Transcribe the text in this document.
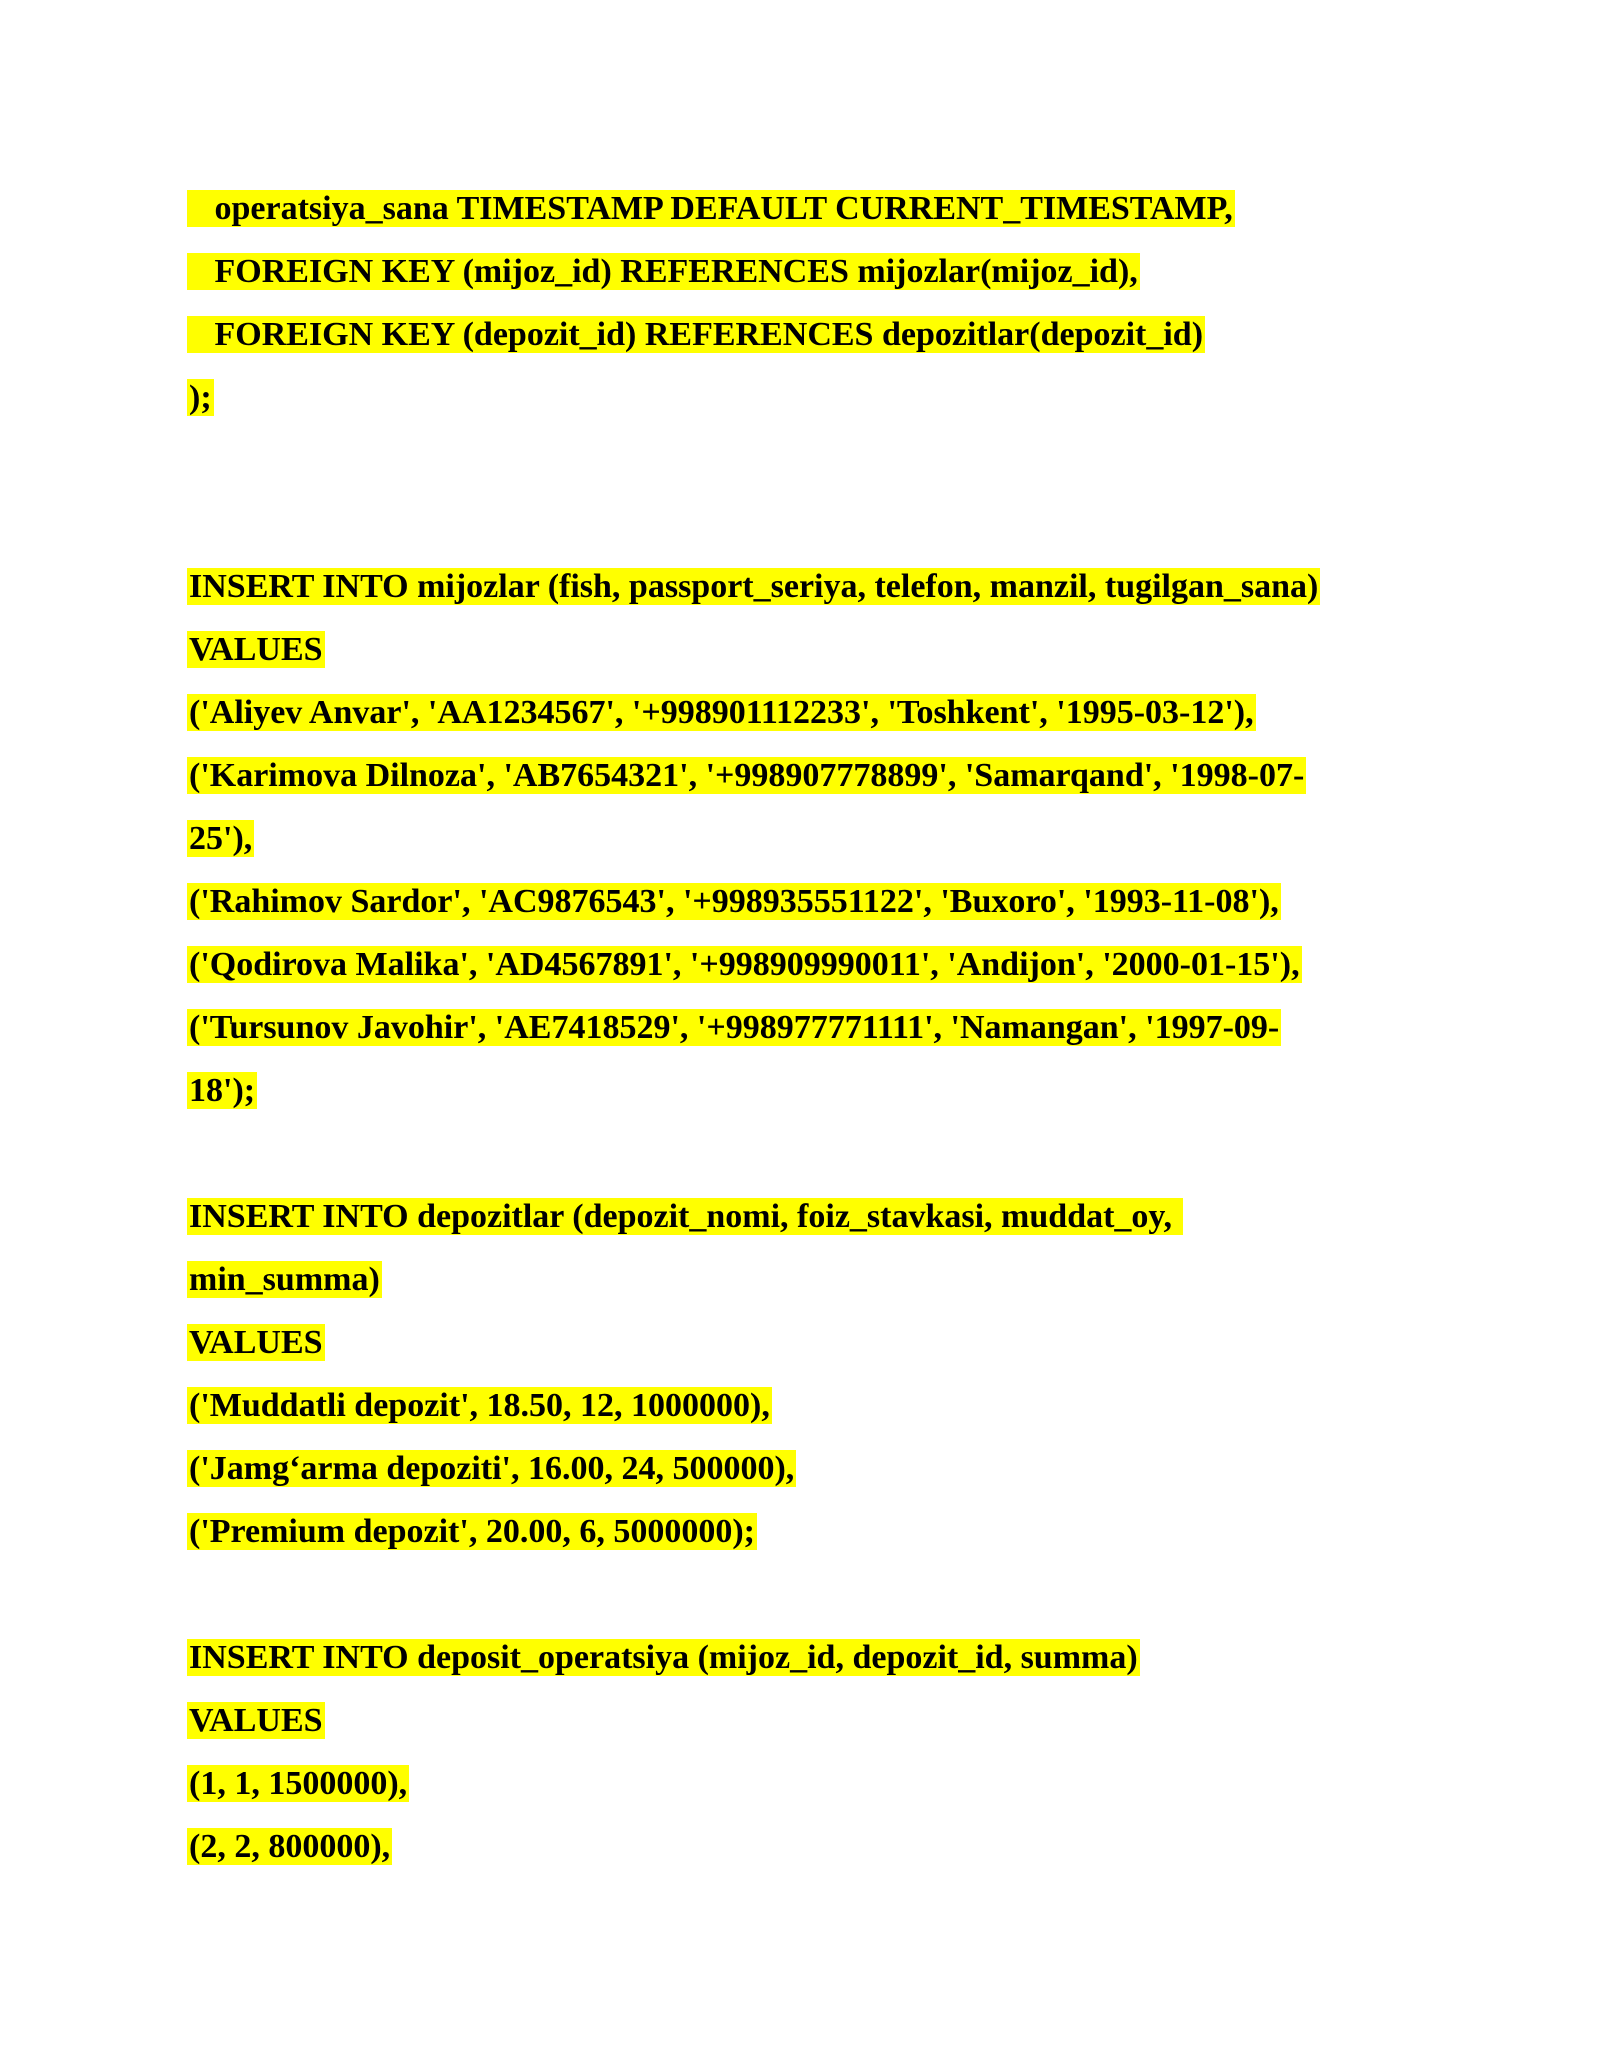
operatsiya_sana TIMESTAMP DEFAULT CURRENT_TIMESTAMP,
FOREIGN KEY (mijoz_id) REFERENCES mijozlar(mijoz_id),
FOREIGN KEY (depozit_id) REFERENCES depozitlar(depozit_id)
);
INSERT INTO mijozlar (fish, passport_seriya, telefon, manzil, tugilgan_sana)
VALUES
('Aliyev Anvar', 'AA1234567', '+998901112233', 'Toshkent', '1995-03-12'),
('Karimova Dilnoza', 'AB7654321', '+998907778899', 'Samarqand', '1998-07-
25'),
('Rahimov Sardor', 'AC9876543', '+998935551122', 'Buxoro', '1993-11-08'),
('Qodirova Malika', 'AD4567891', '+998909990011', 'Andijon', '2000-01-15'),
('Tursunov Javohir', 'AE7418529', '+998977771111', 'Namangan', '1997-09-
18');
INSERT INTO depozitlar (depozit_nomi, foiz_stavkasi, muddat_oy,
min_summa)
VALUES
('Muddatli depozit', 18.50, 12, 1000000),
('Jamg‘arma depoziti', 16.00, 24, 500000),
('Premium depozit', 20.00, 6, 5000000);
INSERT INTO deposit_operatsiya (mijoz_id, depozit_id, summa)
VALUES
(1, 1, 1500000),
(2, 2, 800000),
